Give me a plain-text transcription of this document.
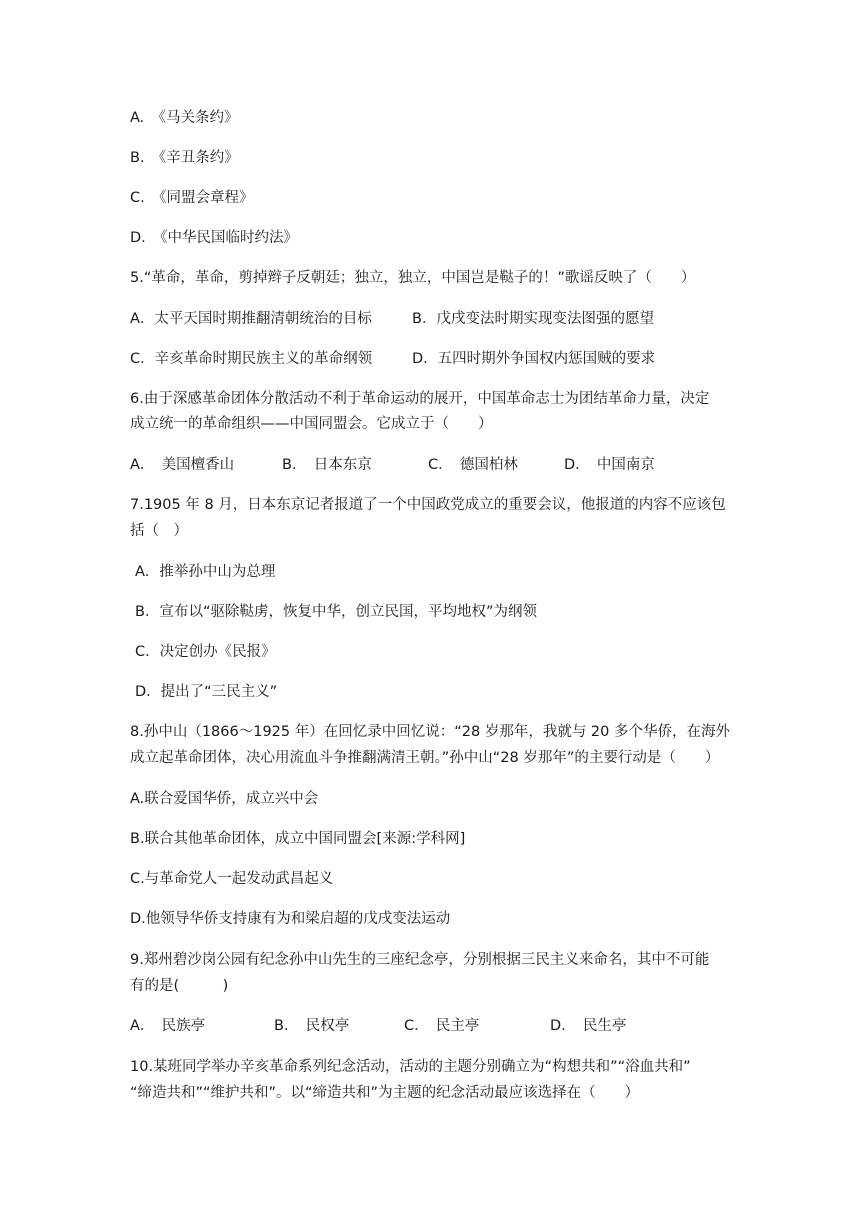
A.　《马关条约》
B.　《辛丑条约》
C.　《同盟会章程》
D.　《中华民国临时约法》
5.“革命，革命，剪掉辫子反朝廷；独立，独立，中国岂是鞑子的！”歌谣反映了（　　）
A．太平天国时期推翻清朝统治的目标	B．戊戌变法时期实现变法图强的愿望
C．辛亥革命时期民族主义的革命纲领	D．五四时期外争国权内惩国贼的要求
6.由于深感革命团体分散活动不利于革命运动的展开，中国革命志士为团结革命力量，决定
成立统一的革命组织——中国同盟会。它成立于（　　）
A．　美国檀香山	B．　日本东京	C．　德国柏林	D．　中国南京
7.1905 年 8 月，日本东京记者报道了一个中国政党成立的重要会议，他报道的内容不应该包
括（　）
A．推举孙中山为总理
B．宣布以“驱除鞑虏，恢复中华，创立民国，平均地权”为纲领
C．决定创办《民报》
D．提出了“三民主义”
8.孙中山（1866～1925 年）在回忆录中回忆说：“28 岁那年，我就与 20 多个华侨，在海外
成立起革命团体，决心用流血斗争推翻满清王朝。”孙中山“28 岁那年”的主要行动是（　　）
A.联合爱国华侨，成立兴中会
B.联合其他革命团体，成立中国同盟会[来源:学科网]
C.与革命党人一起发动武昌起义
D.他领导华侨支持康有为和梁启超的戊戌变法运动
9.郑州碧沙岗公园有纪念孙中山先生的三座纪念亭，分别根据三民主义来命名，其中不可能
有的是(　　　)
A．　民族亭	B．　民权亭	C．　民主亭	D．　民生亭
10.某班同学举办辛亥革命系列纪念活动，活动的主题分别确立为“构想共和”“浴血共和”
“缔造共和”“维护共和”。以“缔造共和”为主题的纪念活动最应该选择在（　　）
